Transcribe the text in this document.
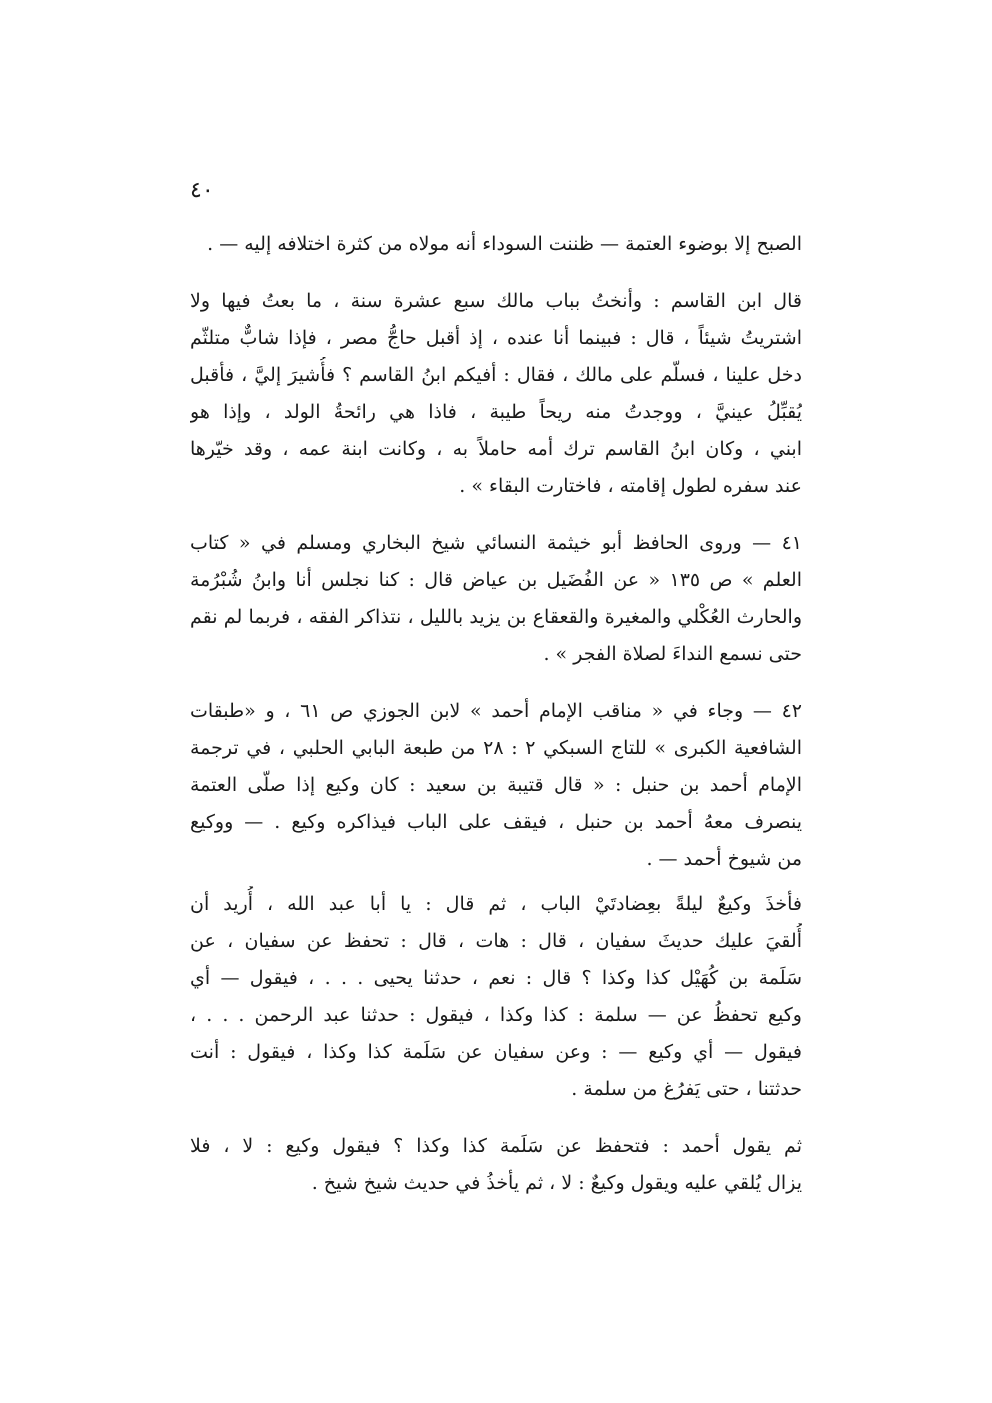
٤٠
الصبح إلا بوضوء العتمة — ظننت السوداء أنه مولاه من كثرة اختلافه إليه — .
قال ابن القاسم : وأنختُ بباب مالك سبع عشرة سنة ، ما بعتُ فيها ولا
اشتريتُ شيئاً ، قال : فبينما أنا عنده ، إذ أقبل حاجُّ مصر ، فإذا شابٌّ متلثّم
دخل علينا ، فسلّم على مالك ، فقال : أفيكم ابنُ القاسم ؟ فأُشيرَ إليَّ ، فأقبل
يُقبِّلُ عينيَّ ، ووجدتُ منه ريحاً طيبة ، فاذا هي رائحةُ الولد ، وإذا هو
ابني ، وكان ابنُ القاسم ترك أمه حاملاً به ، وكانت ابنة عمه ، وقد خيّرها
عند سفره لطول إقامته ، فاختارت البقاء » .
٤١ — وروى الحافظ أبو خيثمة النسائي شيخ البخاري ومسلم في « كتاب
العلم » ص ١٣٥ « عن الفُضَيل بن عياض قال : كنا نجلس أنا وابنُ شُبْرُمة
والحارث العُكْلي والمغيرة والقعقاع بن يزيد بالليل ، نتذاكر الفقه ، فربما لم نقم
حتى نسمع النداءَ لصلاة الفجر » .
٤٢ — وجاء في « مناقب الإمام أحمد » لابن الجوزي ص ٦١ ، و «طبقات
الشافعية الكبرى » للتاج السبكي ٢ : ٢٨ من طبعة البابي الحلبي ، في ترجمة
الإمام أحمد بن حنبل : « قال قتيبة بن سعيد : كان وكيع إذا صلّى العتمة
ينصرف معهُ أحمد بن حنبل ، فيقف على الباب فيذاكره وكيع . — ووكيع
من شيوخ أحمد — .
فأخذَ وكيعٌ ليلةً بعِضادتَيْ الباب ، ثم قال : يا أبا عبد الله ، أُريد أن
أُلقيَ عليك حديثَ سفيان ، قال : هات ، قال : تحفظ عن سفيان ، عن
سَلَمة بن كُهَيْل كذا وكذا ؟ قال : نعم ، حدثنا يحيى . . . ، فيقول — أي
وكيع تحفظُ عن — سلمة : كذا وكذا ، فيقول : حدثنا عبد الرحمن . . . ،
فيقول — أي وكيع — : وعن سفيان عن سَلَمة كذا وكذا ، فيقول : أنت
حدثتنا ، حتى يَفرُغ من سلمة .
ثم يقول أحمد : فتحفظ عن سَلَمة كذا وكذا ؟ فيقول وكيع : لا ، فلا
يزال يُلقي عليه ويقول وكيعٌ : لا ، ثم يأخذُ في حديث شيخ شيخ .
